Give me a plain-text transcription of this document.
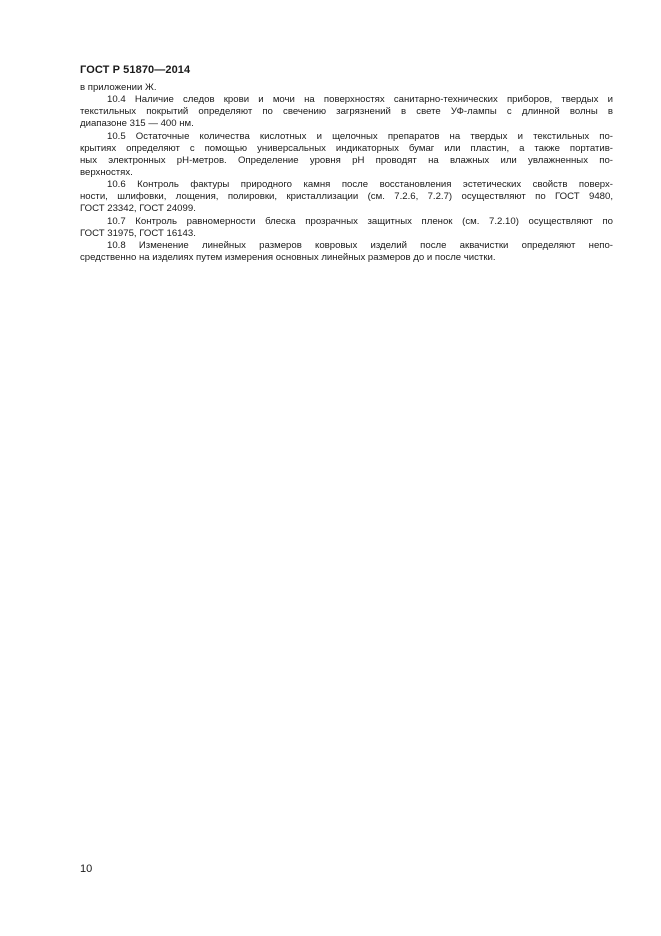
ГОСТ Р 51870—2014
в приложении Ж.
10.4 Наличие следов крови и мочи на поверхностях санитарно-технических приборов, твердых и
текстильных покрытий определяют по свечению загрязнений в свете УФ-лампы с длинной волны в
диапазоне 315 — 400 нм.
10.5 Остаточные количества кислотных и щелочных препаратов на твердых и текстильных по-
крытиях определяют с помощью универсальных индикаторных бумаг или пластин, а также портатив-
ных электронных рН-метров. Определение уровня рН проводят на влажных или увлажненных по-
верхностях.
10.6 Контроль фактуры природного камня после восстановления эстетических свойств поверх-
ности, шлифовки, лощения, полировки, кристаллизации (см. 7.2.6, 7.2.7) осуществляют по ГОСТ 9480,
ГОСТ 23342, ГОСТ 24099.
10.7 Контроль равномерности блеска прозрачных защитных пленок (см. 7.2.10) осуществляют по
ГОСТ 31975, ГОСТ 16143.
10.8 Изменение линейных размеров ковровых изделий после аквачистки определяют непо-
средственно на изделиях путем измерения основных линейных размеров до и после чистки.
10
